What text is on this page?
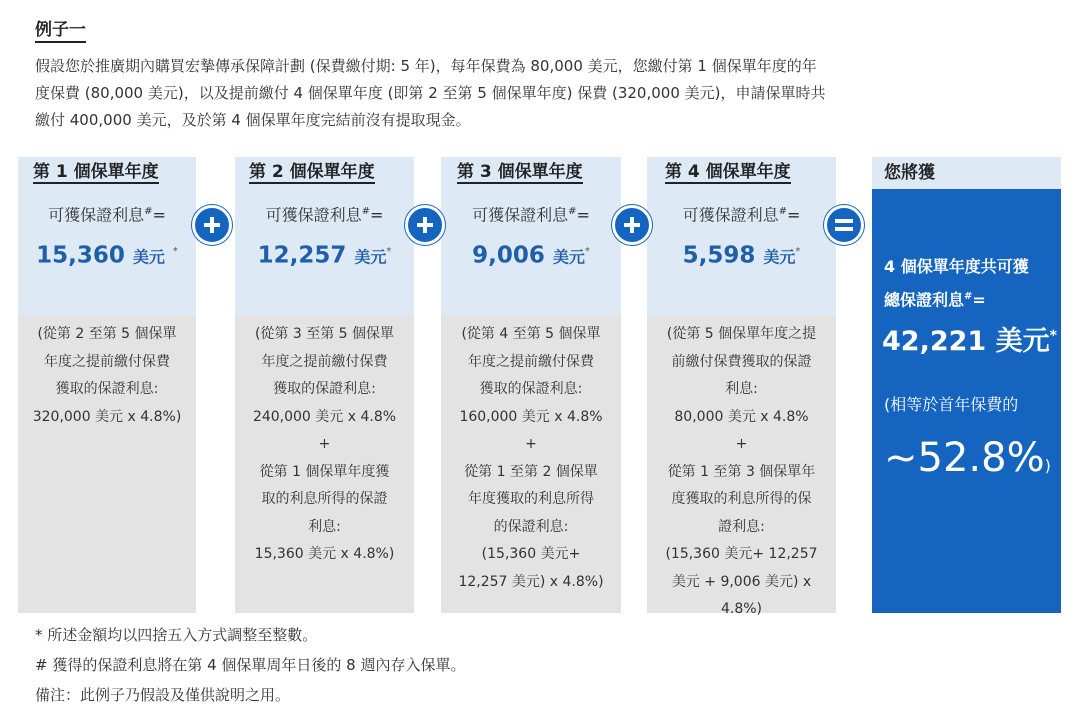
例子一
假設您於推廣期內購買宏摯傳承保障計劃 (保費繳付期: 5 年)，每年保費為 80,000 美元，您繳付第 1 個保單年度的年
度保費 (80,000 美元)，以及提前繳付 4 個保單年度 (即第 2 至第 5 個保單年度) 保費 (320,000 美元)，申請保單時共
繳付 400,000 美元，及於第 4 個保單年度完結前沒有提取現金。
第 1 個保單年度
可獲保證利息#=
15,360 美元 *
(從第 2 至第 5 個保單
年度之提前繳付保費
獲取的保證利息:
320,000 美元 x 4.8%)
第 2 個保單年度
可獲保證利息#=
12,257 美元*
(從第 3 至第 5 個保單
年度之提前繳付保費
獲取的保證利息:
240,000 美元 x 4.8%
+
從第 1 個保單年度獲
取的利息所得的保證
利息:
15,360 美元 x 4.8%)
第 3 個保單年度
可獲保證利息#=
9,006 美元*
(從第 4 至第 5 個保單
年度之提前繳付保費
獲取的保證利息:
160,000 美元 x 4.8%
+
從第 1 至第 2 個保單
年度獲取的利息所得
的保證利息:
(15,360 美元+
12,257 美元) x 4.8%)
第 4 個保單年度
可獲保證利息#=
5,598 美元*
(從第 5 個保單年度之提
前繳付保費獲取的保證
利息:
80,000 美元 x 4.8%
+
從第 1 至第 3 個保單年
度獲取的利息所得的保
證利息:
(15,360 美元+ 12,257
美元 + 9,006 美元) x
4.8%)
您將獲
4 個保單年度共可獲
總保證利息#=
42,221 美元*
(相等於首年保費的
~52.8%)
* 所述金額均以四捨五入方式調整至整數。
# 獲得的保證利息將在第 4 個保單周年日後的 8 週內存入保單。
備注：此例子乃假設及僅供說明之用。
